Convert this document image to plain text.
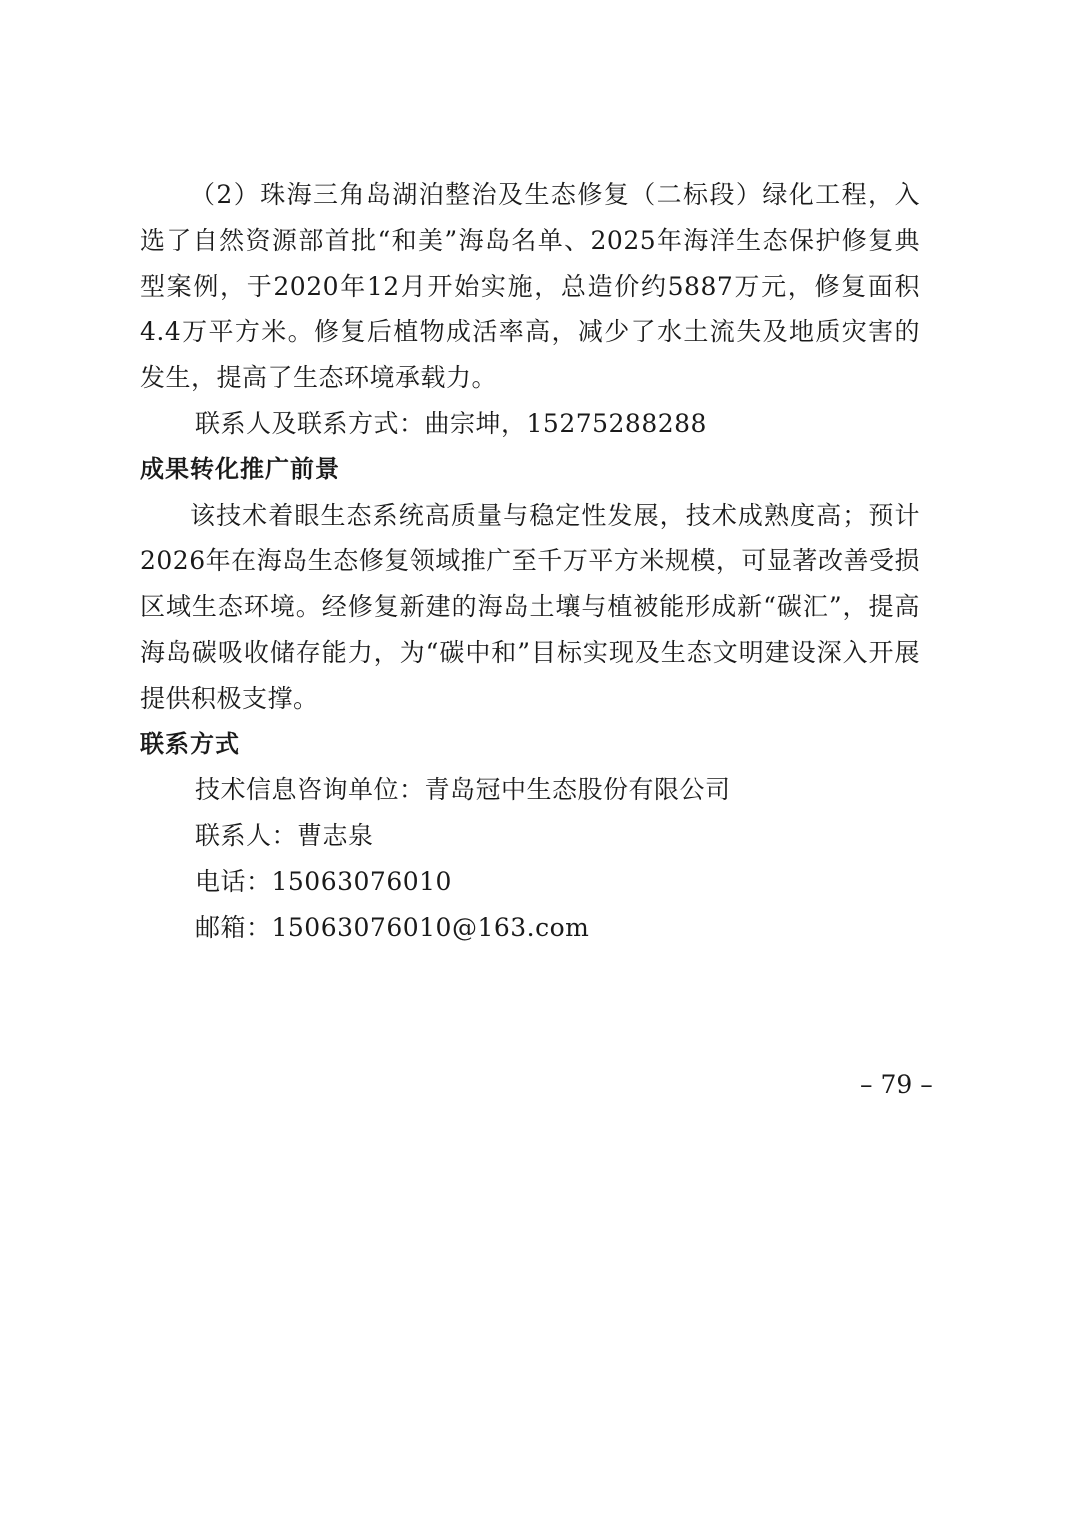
（2）珠海三角岛湖泊整治及生态修复（二标段）绿化工程，入选了自然资源部首批“和美”海岛名单、2025年海洋生态保护修复典型案例，于2020年12月开始实施，总造价约5887万元，修复面积4.4万平方米。修复后植物成活率高，减少了水土流失及地质灾害的发生，提高了生态环境承载力。

联系人及联系方式：曲宗坤，15275288288

成果转化推广前景

该技术着眼生态系统高质量与稳定性发展，技术成熟度高；预计2026年在海岛生态修复领域推广至千万平方米规模，可显著改善受损区域生态环境。经修复新建的海岛土壤与植被能形成新“碳汇”，提高海岛碳吸收储存能力，为“碳中和”目标实现及生态文明建设深入开展提供积极支撑。

联系方式

技术信息咨询单位：青岛冠中生态股份有限公司

联系人：曹志泉

电话：15063076010

邮箱：15063076010@163.com

– 79 –
